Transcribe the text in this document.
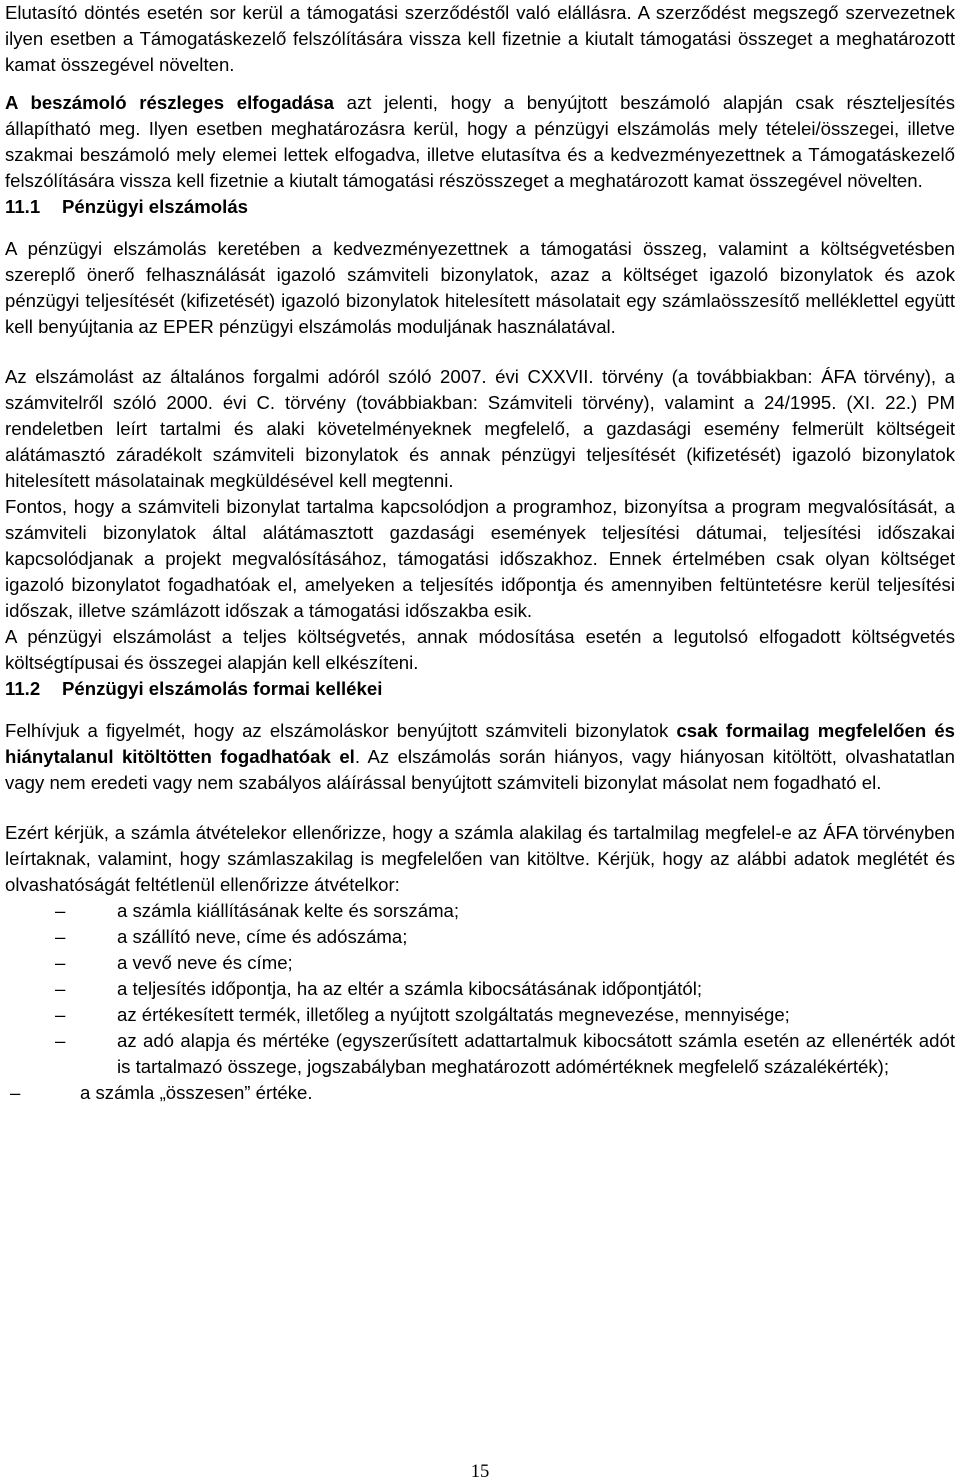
Elutasító döntés esetén sor kerül a támogatási szerződéstől való elállásra. A szerződést megszegő szervezetnek ilyen esetben a Támogatáskezelő felszólítására vissza kell fizetnie a kiutalt támogatási összeget a meghatározott kamat összegével növelten.

A beszámoló részleges elfogadása azt jelenti, hogy a benyújtott beszámoló alapján csak részteljesítés állapítható meg. Ilyen esetben meghatározásra kerül, hogy a pénzügyi elszámolás mely tételei/összegei, illetve szakmai beszámoló mely elemei lettek elfogadva, illetve elutasítva és a kedvezményezettnek a Támogatáskezelő felszólítására vissza kell fizetnie a kiutalt támogatási részösszeget a meghatározott kamat összegével növelten.

11.1 Pénzügyi elszámolás

A pénzügyi elszámolás keretében a kedvezményezettnek a támogatási összeg, valamint a költségvetésben szereplő önerő felhasználását igazoló számviteli bizonylatok, azaz a költséget igazoló bizonylatok és azok pénzügyi teljesítését (kifizetését) igazoló bizonylatok hitelesített másolatait egy számlaösszesítő melléklettel együtt kell benyújtania az EPER pénzügyi elszámolás moduljának használatával.

Az elszámolást az általános forgalmi adóról szóló 2007. évi CXXVII. törvény (a továbbiakban: ÁFA törvény), a számvitelről szóló 2000. évi C. törvény (továbbiakban: Számviteli törvény), valamint a 24/1995. (XI. 22.) PM rendeletben leírt tartalmi és alaki követelményeknek megfelelő, a gazdasági esemény felmerült költségeit alátámasztó záradékolt számviteli bizonylatok és annak pénzügyi teljesítését (kifizetését) igazoló bizonylatok hitelesített másolatainak megküldésével kell megtenni.

Fontos, hogy a számviteli bizonylat tartalma kapcsolódjon a programhoz, bizonyítsa a program megvalósítását, a számviteli bizonylatok által alátámasztott gazdasági események teljesítési dátumai, teljesítési időszakai kapcsolódjanak a projekt megvalósításához, támogatási időszakhoz. Ennek értelmében csak olyan költséget igazoló bizonylatot fogadhatóak el, amelyeken a teljesítés időpontja és amennyiben feltüntetésre kerül teljesítési időszak, illetve számlázott időszak a támogatási időszakba esik.

A pénzügyi elszámolást a teljes költségvetés, annak módosítása esetén a legutolsó elfogadott költségvetés költségtípusai és összegei alapján kell elkészíteni.

11.2 Pénzügyi elszámolás formai kellékei

Felhívjuk a figyelmét, hogy az elszámoláskor benyújtott számviteli bizonylatok csak formailag megfelelően és hiánytalanul kitöltötten fogadhatóak el. Az elszámolás során hiányos, vagy hiányosan kitöltött, olvashatatlan vagy nem eredeti vagy nem szabályos aláírással benyújtott számviteli bizonylat másolat nem fogadható el.

Ezért kérjük, a számla átvételekor ellenőrizze, hogy a számla alakilag és tartalmilag megfelel-e az ÁFA törvényben leírtaknak, valamint, hogy számlaszakilag is megfelelően van kitöltve. Kérjük, hogy az alábbi adatok meglétét és olvashatóságát feltétlenül ellenőrizze átvételkor:

–	a számla kiállításának kelte és sorszáma;
–	a szállító neve, címe és adószáma;
–	a vevő neve és címe;
–	a teljesítés időpontja, ha az eltér a számla kibocsátásának időpontjától;
–	az értékesített termék, illetőleg a nyújtott szolgáltatás megnevezése, mennyisége;
–	az adó alapja és mértéke (egyszerűsített adattartalmuk kibocsátott számla esetén az ellenérték adót is tartalmazó összege, jogszabályban meghatározott adómértéknek megfelelő százalékérték);
–	a számla „összesen” értéke.
15
